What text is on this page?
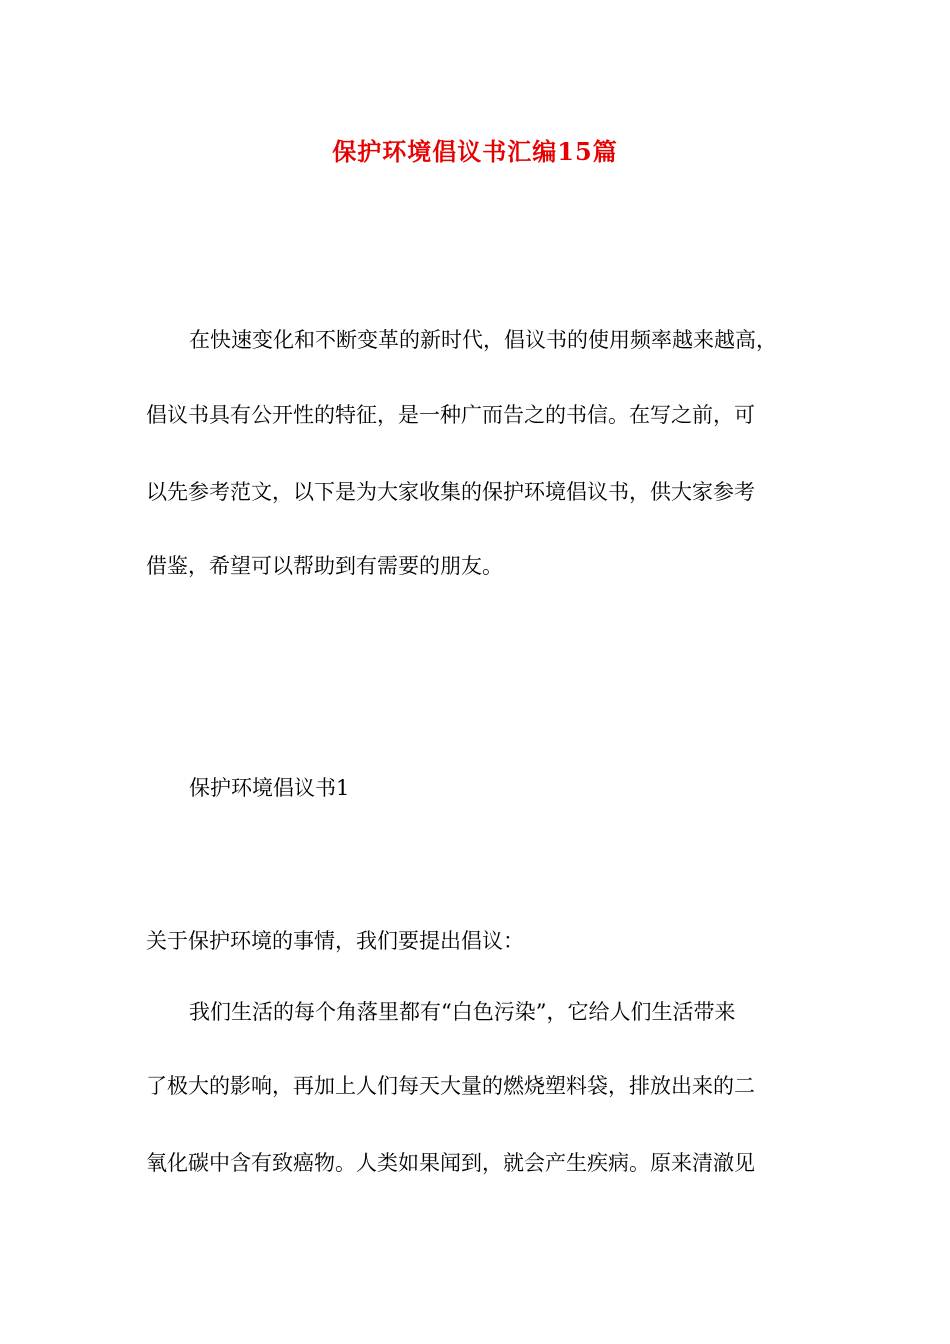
保护环境倡议书汇编15篇

在快速变化和不断变革的新时代，倡议书的使用频率越来越高，

倡议书具有公开性的特征，是一种广而告之的书信。在写之前，可

以先参考范文，以下是为大家收集的保护环境倡议书，供大家参考

借鉴，希望可以帮助到有需要的朋友。

保护环境倡议书1

关于保护环境的事情，我们要提出倡议：

我们生活的每个角落里都有“白色污染”，它给人们生活带来

了极大的影响，再加上人们每天大量的燃烧塑料袋，排放出来的二

氧化碳中含有致癌物。人类如果闻到，就会产生疾病。原来清澈见
